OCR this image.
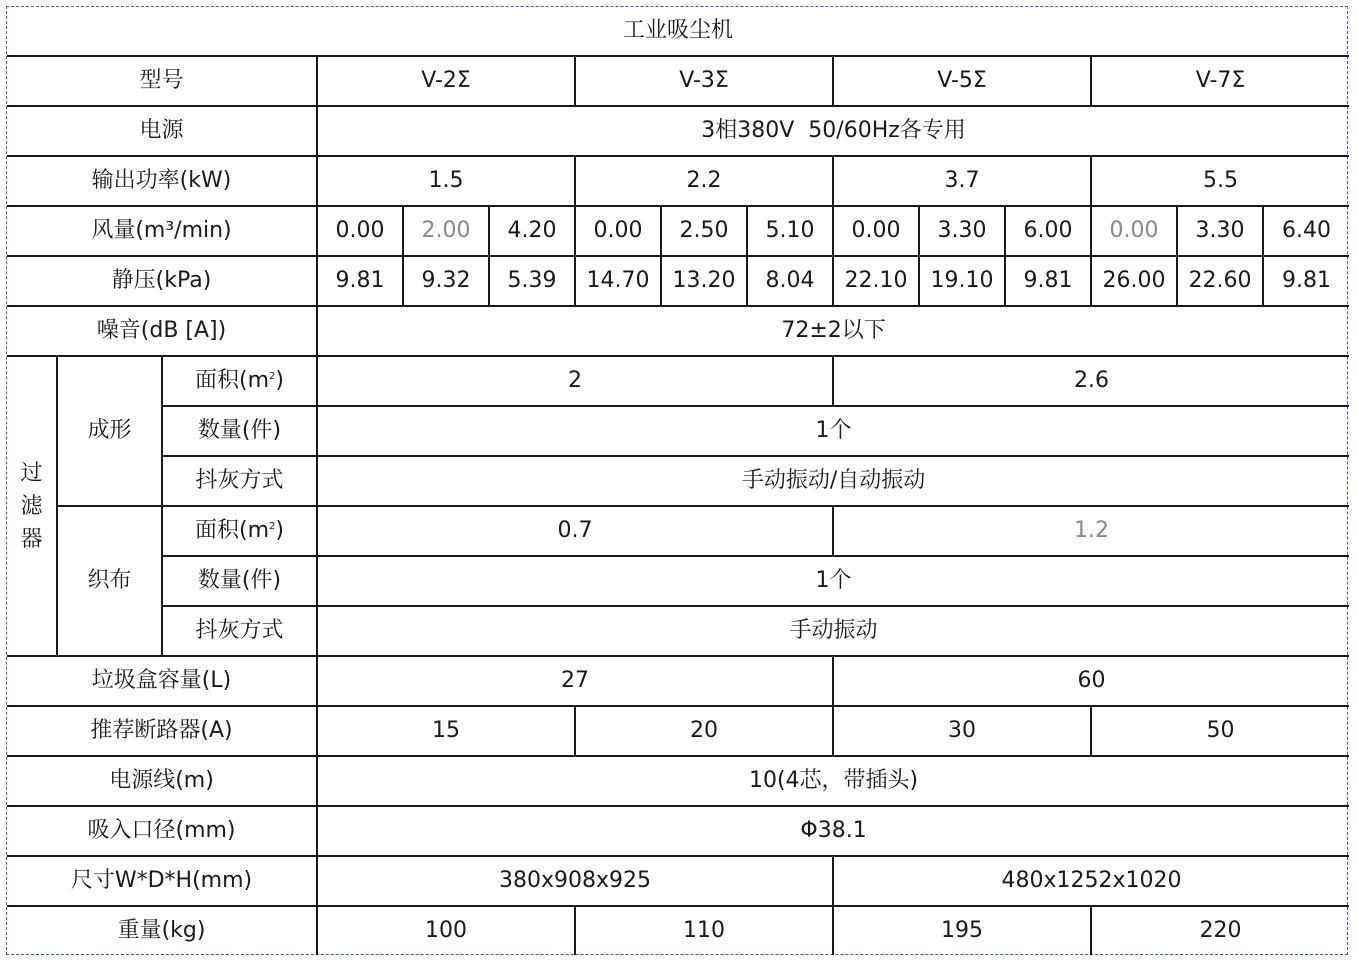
工业吸尘机														
型号			V-2Σ			V-3Σ			V-5Σ			V-7Σ		
电源			3相380V  50/60Hz各专用											
输出功率(kW)			1.5			2.2			3.7			5.5		
风量(m³/min)			0.00	2.00	4.20	0.00	2.50	5.10	0.00	3.30	6.00	0.00	3.30	6.40
静压(kPa)			9.81	9.32	5.39	14.70	13.20	8.04	22.10	19.10	9.81	26.00	22.60	9.81
噪音(dB [A])			72±2以下											

过
滤
器	成形	面积$(m^2)$	2						2.6					
		数量(件)	1个											
		抖灰方式	手动振动/自动振动											
	织布	面积$(m^2)$	0.7						1.2					
		数量(件)	1个											
		抖灰方式	手动振动											
垃圾盒容量(L)			27						60					
推荐断路器(A)			15			20			30			50		
电源线(m)			10(4芯，带插头)											
吸入口径(mm)			Φ38.1											
尺寸W*D*H(mm)			380x908x925						480x1252x1020					
重量(kg)			100			110			195			220		
